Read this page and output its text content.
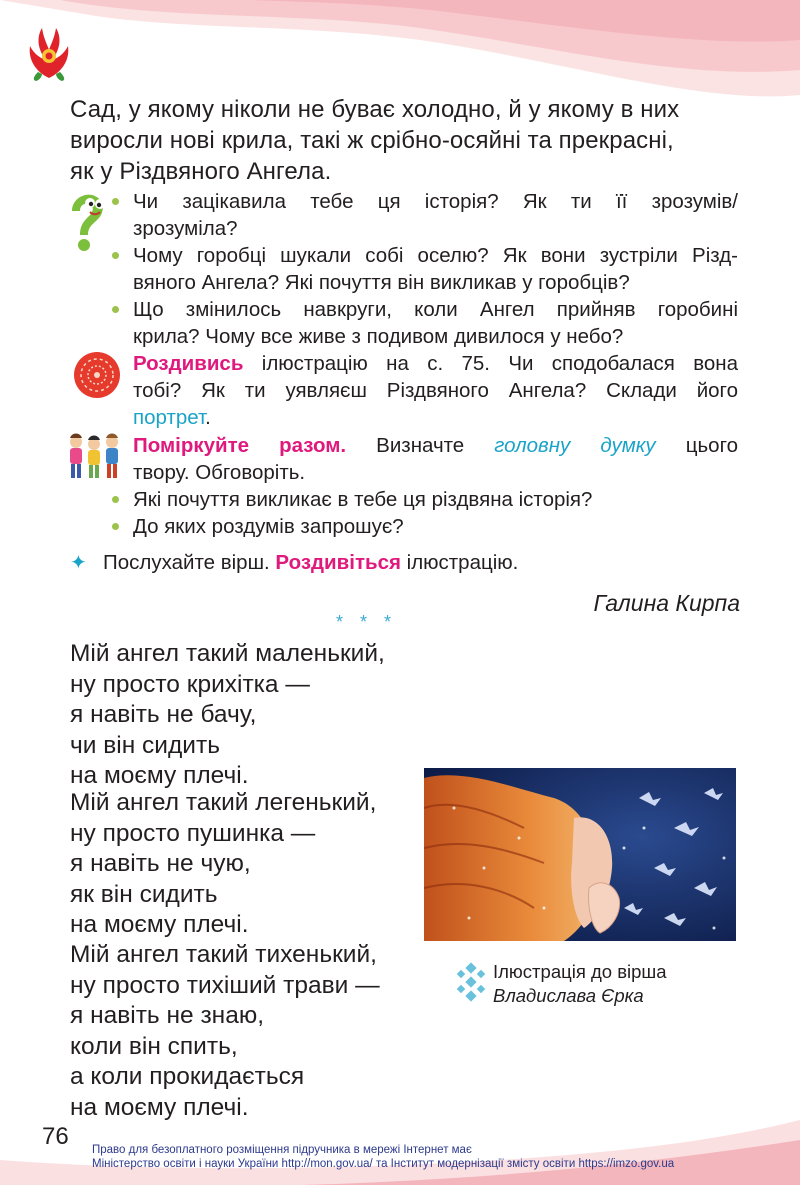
Сад, у якому ніколи не буває холодно, й у якому в них
виросли нові крила, такі ж срібно-осяйні та прекрасні,
як у Різдвяного Ангела.
Чи зацікавила тебе ця історія? Як ти її зрозумів/
зрозуміла?
Чому горобці шукали собі оселю? Як вони зустріли Різд-
вяного Ангела? Які почуття він викликав у горобців?
Що змінилось навкруги, коли Ангел прийняв горобині
крила? Чому все живе з подивом дивилося у небо?
Роздивись ілюстрацію на с. 75. Чи сподобалася вона
тобі? Як ти уявляєш Різдвяного Ангела? Склади його
портрет.
Поміркуйте разом. Визначте головну думку цього
твору. Обговоріть.
Які почуття викликає в тебе ця різдвяна історія?
До яких роздумів запрошує?
✦ Послухайте вірш. Роздивіться ілюстрацію.
Галина Кирпа
* * *
Мій ангел такий маленький,
ну просто крихітка —
я навіть не бачу,
чи він сидить
на моєму плечі.
Мій ангел такий легенький,
ну просто пушинка —
я навіть не чую,
як він сидить
на моєму плечі.
Мій ангел такий тихенький,
ну просто тихіший трави —
я навіть не знаю,
коли він спить,
а коли прокидається
на моєму плечі.
Ілюстрація до вірша
Владислава Єрка
76 Право для безоплатного розміщення підручника в мережі Інтернет має
Міністерство освіти і науки України http://mon.gov.ua/ та Інститут модернізації змісту освіти https://imzo.gov.ua
